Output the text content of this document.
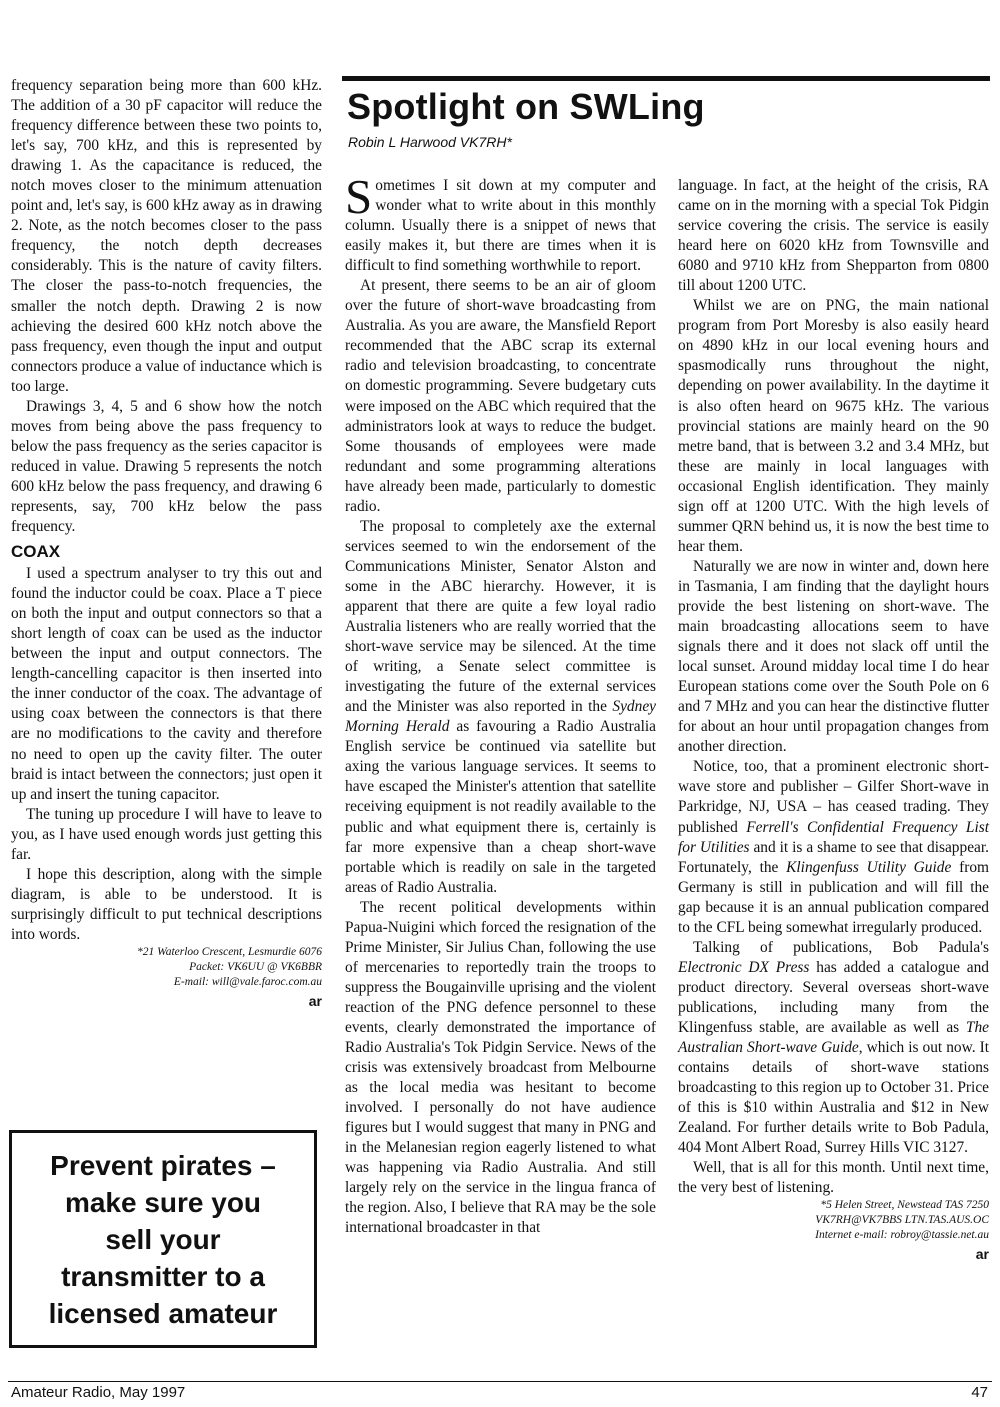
frequency separation being more than 600 kHz. The addition of a 30 pF capacitor will reduce the frequency difference between these two points to, let's say, 700 kHz, and this is represented by drawing 1. As the capacitance is reduced, the notch moves closer to the minimum attenuation point and, let's say, is 600 kHz away as in drawing 2. Note, as the notch becomes closer to the pass frequency, the notch depth decreases considerably. This is the nature of cavity filters. The closer the pass-to-notch frequencies, the smaller the notch depth. Drawing 2 is now achieving the desired 600 kHz notch above the pass frequency, even though the input and output connectors produce a value of inductance which is too large.

Drawings 3, 4, 5 and 6 show how the notch moves from being above the pass frequency to below the pass frequency as the series capacitor is reduced in value. Drawing 5 represents the notch 600 kHz below the pass frequency, and drawing 6 represents, say, 700 kHz below the pass frequency.

COAX

I used a spectrum analyser to try this out and found the inductor could be coax. Place a T piece on both the input and output connectors so that a short length of coax can be used as the inductor between the input and output connectors. The length-cancelling capacitor is then inserted into the inner conductor of the coax. The advantage of using coax between the connectors is that there are no modifications to the cavity and therefore no need to open up the cavity filter. The outer braid is intact between the connectors; just open it up and insert the tuning capacitor.

The tuning up procedure I will have to leave to you, as I have used enough words just getting this far.

I hope this description, along with the simple diagram, is able to be understood. It is surprisingly difficult to put technical descriptions into words.

*21 Waterloo Crescent, Lesmurdie 6076
Packet: VK6UU @ VK6BBR
E-mail: will@vale.faroc.com.au
ar

Prevent pirates –
make sure you
sell your
transmitter to a
licensed amateur

Spotlight on SWLing

Robin L Harwood VK7RH*

Sometimes I sit down at my computer and wonder what to write about in this monthly column. Usually there is a snippet of news that easily makes it, but there are times when it is difficult to find something worthwhile to report.

At present, there seems to be an air of gloom over the future of short-wave broadcasting from Australia. As you are aware, the Mansfield Report recommended that the ABC scrap its external radio and television broadcasting, to concentrate on domestic programming. Severe budgetary cuts were imposed on the ABC which required that the administrators look at ways to reduce the budget. Some thousands of employees were made redundant and some programming alterations have already been made, particularly to domestic radio.

The proposal to completely axe the external services seemed to win the endorsement of the Communications Minister, Senator Alston and some in the ABC hierarchy. However, it is apparent that there are quite a few loyal radio Australia listeners who are really worried that the short-wave service may be silenced. At the time of writing, a Senate select committee is investigating the future of the external services and the Minister was also reported in the Sydney Morning Herald as favouring a Radio Australia English service be continued via satellite but axing the various language services. It seems to have escaped the Minister's attention that satellite receiving equipment is not readily available to the public and what equipment there is, certainly is far more expensive than a cheap short-wave portable which is readily on sale in the targeted areas of Radio Australia.

The recent political developments within Papua-Nuigini which forced the resignation of the Prime Minister, Sir Julius Chan, following the use of mercenaries to reportedly train the troops to suppress the Bougainville uprising and the violent reaction of the PNG defence personnel to these events, clearly demonstrated the importance of Radio Australia's Tok Pidgin Service. News of the crisis was extensively broadcast from Melbourne as the local media was hesitant to become involved. I personally do not have audience figures but I would suggest that many in PNG and in the Melanesian region eagerly listened to what was happening via Radio Australia. And still largely rely on the service in the lingua franca of the region. Also, I believe that RA may be the sole international broadcaster in that

language. In fact, at the height of the crisis, RA came on in the morning with a special Tok Pidgin service covering the crisis. The service is easily heard here on 6020 kHz from Townsville and 6080 and 9710 kHz from Shepparton from 0800 till about 1200 UTC.

Whilst we are on PNG, the main national program from Port Moresby is also easily heard on 4890 kHz in our local evening hours and spasmodically runs throughout the night, depending on power availability. In the daytime it is also often heard on 9675 kHz. The various provincial stations are mainly heard on the 90 metre band, that is between 3.2 and 3.4 MHz, but these are mainly in local languages with occasional English identification. They mainly sign off at 1200 UTC. With the high levels of summer QRN behind us, it is now the best time to hear them.

Naturally we are now in winter and, down here in Tasmania, I am finding that the daylight hours provide the best listening on short-wave. The main broadcasting allocations seem to have signals there and it does not slack off until the local sunset. Around midday local time I do hear European stations come over the South Pole on 6 and 7 MHz and you can hear the distinctive flutter for about an hour until propagation changes from another direction.

Notice, too, that a prominent electronic short-wave store and publisher – Gilfer Short-wave in Parkridge, NJ, USA – has ceased trading. They published Ferrell's Confidential Frequency List for Utilities and it is a shame to see that disappear. Fortunately, the Klingenfuss Utility Guide from Germany is still in publication and will fill the gap because it is an annual publication compared to the CFL being somewhat irregularly produced.

Talking of publications, Bob Padula's Electronic DX Press has added a catalogue and product directory. Several overseas short-wave publications, including many from the Klingenfuss stable, are available as well as The Australian Short-wave Guide, which is out now. It contains details of short-wave stations broadcasting to this region up to October 31. Price of this is $10 within Australia and $12 in New Zealand. For further details write to Bob Padula, 404 Mont Albert Road, Surrey Hills VIC 3127.

Well, that is all for this month. Until next time, the very best of listening.

*5 Helen Street, Newstead TAS 7250
VK7RH@VK7BBS LTN.TAS.AUS.OC
Internet e-mail: robroy@tassie.net.au
ar
Amateur Radio, May 1997	47
